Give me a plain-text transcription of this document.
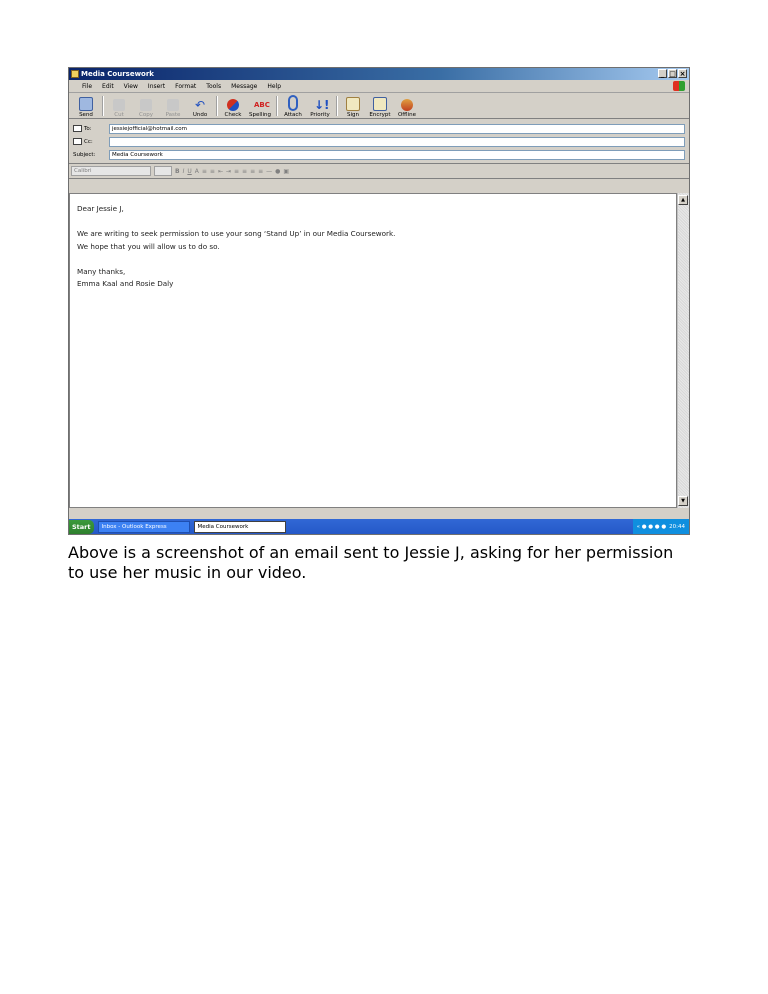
Media Coursework	_ □ ×
File	Edit	View	Insert	Format	Tools	Message	Help
Send	Cut	Copy Paste
↶
Undo	Check
ABC
Spelling Attach
↓!
Priority	Sign Encrypt Offline
To:	jessiejofficial@hotmail.com
Cc:
Subject:	Media Coursework
Calibri	B I U A ≡ ≡ ⇤ ⇥ ≡ ≡ ≡ ≡ — ● ▣

Dear Jessie J,

We are writing to seek permission to use your song ‘Stand Up’ in our Media Coursework.

We hope that you will allow us to do so.

Many thanks,

Emma Kaal and Rosie Daly

▲
▼
Start	Inbox - Outlook Express	Media Coursework	« ● ● ● ● 20:44

Above is a screenshot of an email sent to Jessie J, asking for her permission to use her music in our video.
